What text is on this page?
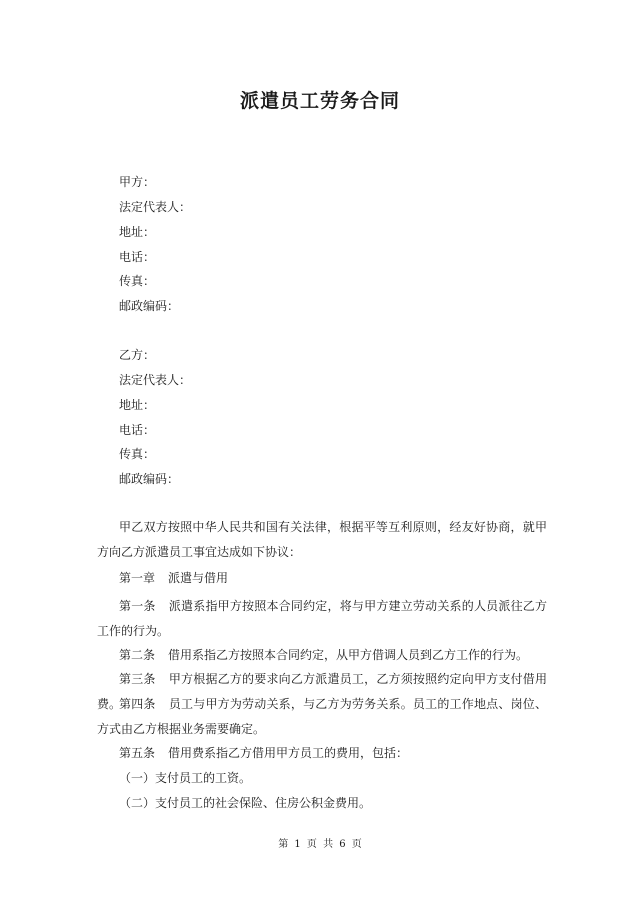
派遣员工劳务合同
甲方：
法定代表人：
地址：
电话：
传真：
邮政编码：
乙方：
法定代表人：
地址：
电话：
传真：
邮政编码：
甲乙双方按照中华人民共和国有关法律，根据平等互利原则，经友好协商，就甲方向乙方派遣员工事宜达成如下协议：
第一章 派遣与借用
第一条 派遣系指甲方按照本合同约定，将与甲方建立劳动关系的人员派往乙方工作的行为。
第二条 借用系指乙方按照本合同约定，从甲方借调人员到乙方工作的行为。
第三条 甲方根据乙方的要求向乙方派遣员工，乙方须按照约定向甲方支付借用费。
第四条 员工与甲方为劳动关系，与乙方为劳务关系。员工的工作地点、岗位、方式由乙方根据业务需要确定。
第五条 借用费系指乙方借用甲方员工的费用，包括：
（一）支付员工的工资。
（二）支付员工的社会保险、住房公积金费用。
第 1 页 共 6 页
